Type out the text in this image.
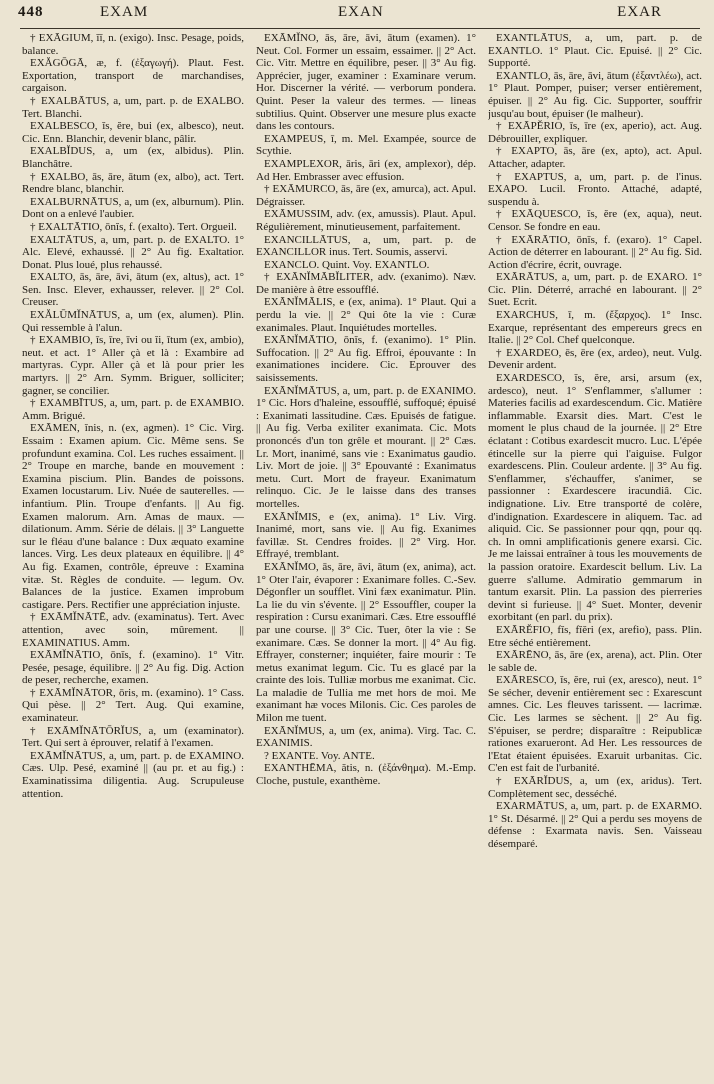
448	EXAM	EXAN	EXAR
† EXĀGIUM, ĭĭ, n. (exigo). Insc. Pesage, poids, balance.
EXĂGŌGĀ, æ, f. (ἐξαγωγή). Plaut. Fest. Exportation, transport de marchandises, cargaison.
† EXALBĀTUS, a, um, part. p. de EXALBO. Tert. Blanchi.
EXALBESCO, ĭs, ĕre, bui (ex, albesco), neut. Cic. Enn. Blanchir, devenir blanc, pâlir.
EXALBĬDUS, a, um (ex, albidus). Plin. Blanchâtre.
† EXALBO, ās, āre, ātum (ex, albo), act. Tert. Rendre blanc, blanchir.
EXALBURNĀTUS, a, um (ex, alburnum). Plin. Dont on a enlevé l'aubier.
† EXALTĀTIO, ōnĭs, f. (exalto). Tert. Orgueil.
EXALTĀTUS, a, um, part. p. de EXALTO. 1° Alc. Elevé, exhaussé. || 2° Au fig. Exaltatior. Donat. Plus loué, plus rehaussé.
EXALTO, ās, āre, āvi, ātum (ex, altus), act. 1° Sen. Insc. Elever, exhausser, relever. || 2° Col. Creuser.
EXĂLŪMĬNĀTUS, a, um (ex, alumen). Plin. Qui ressemble à l'alun.
† EXAMBIO, īs, īre, īvi ou ĭi, ītum (ex, ambio), neut. et act. 1° Aller çà et là : Exambire ad martyras. Cypr. Aller çà et là pour prier les martyrs. || 2° Arn. Symm. Briguer, solliciter; gagner, se concilier.
† EXAMBĪTUS, a, um, part. p. de EXAMBIO. Amm. Brigué.
EXĀMEN, ĭnis, n. (ex, agmen). 1° Cic. Virg. Essaim : Examen apium. Cic. Même sens. Se profundunt examina. Col. Les ruches essaiment. || 2° Troupe en marche, bande en mouvement : Examina piscium. Plin. Bandes de poissons. Examen locustarum. Liv. Nuée de sauterelles. — infantium. Plin. Troupe d'enfants. || Au fig. Examen malorum. Arn. Amas de maux. — dilationum. Amm. Série de délais. || 3° Languette sur le fléau d'une balance : Dux æquato examine lances. Virg. Les deux plateaux en équilibre. || 4° Au fig. Examen, contrôle, épreuve : Examina vitæ. St. Règles de conduite. — legum. Ov. Balances de la justice. Examen improbum castigare. Pers. Rectifier une appréciation injuste.
† EXĀMĬNĀTĒ, adv. (examinatus). Tert. Avec attention, avec soin, mûrement. || EXAMINATIUS. Amm.
EXĀMĬNĀTIO, ōnĭs, f. (examino). 1° Vitr. Pesée, pesage, équilibre. || 2° Au fig. Dig. Action de peser, recherche, examen.
† EXĀMĬNĀTOR, ōris, m. (examino). 1° Cass. Qui pèse. || 2° Tert. Aug. Qui examine, examinateur.
† EXĀMĬNĀTŌRĬUS, a, um (examinator). Tert. Qui sert à éprouver, relatif à l'examen.
EXĀMĬNĀTUS, a, um, part. p. de EXAMINO. Cæs. Ulp. Pesé, examiné || (au pr. et au fig.) : Examinatissima diligentia. Aug. Scrupuleuse attention.
EXĀMĬNO, ās, āre, āvi, ātum (examen). 1° Neut. Col. Former un essaim, essaimer. || 2° Act. Cic. Vitr. Mettre en équilibre, peser. || 3° Au fig. Apprécier, juger, examiner : Examinare verum. Hor. Discerner la vérité. — verborum pondera. Quint. Peser la valeur des termes. — lineas subtilius. Quint. Observer une mesure plus exacte dans les contours.
EXAMPEUS, ī, m. Mel. Exampée, source de Scythie.
EXAMPLEXOR, āris, āri (ex, amplexor), dép. Ad Her. Embrasser avec effusion.
† EXĀMURCO, ās, āre (ex, amurca), act. Apul. Dégraisser.
EXĀMUSSIM, adv. (ex, amussis). Plaut. Apul. Régulièrement, minutieusement, parfaitement.
EXANCILLĀTUS, a, um, part. p. de EXANCILLOR inus. Tert. Soumis, asservi.
EXANCLO. Quint. Voy. EXANTLO.
† EXĀNĬMĀBĬLITER, adv. (exanimo). Næv. De manière à être essoufflé.
EXĀNĬMĀLIS, e (ex, anima). 1° Plaut. Qui a perdu la vie. || 2° Qui ôte la vie : Curæ exanimales. Plaut. Inquiétudes mortelles.
EXĀNĬMĀTIO, ōnĭs, f. (exanimo). 1° Plin. Suffocation. || 2° Au fig. Effroi, épouvante : In exanimationes incidere. Cic. Eprouver des saisissements.
EXĀNĬMĀTUS, a, um, part. p. de EXANIMO. 1° Cic. Hors d'haleine, essoufflé, suffoqué; épuisé : Exanimati lassitudine. Cæs. Epuisés de fatigue. || Au fig. Verba exiliter exanimata. Cic. Mots prononcés d'un ton grêle et mourant. || 2° Cæs. Lr. Mort, inanimé, sans vie : Exanimatus gaudio. Liv. Mort de joie. || 3° Epouvanté : Exanimatus metu. Curt. Mort de frayeur. Exanimatum relinquo. Cic. Je le laisse dans des transes mortelles.
EXĀNĬMIS, e (ex, anima). 1° Liv. Virg. Inanimé, mort, sans vie. || Au fig. Exanimes favillæ. St. Cendres froides. || 2° Virg. Hor. Effrayé, tremblant.
EXĀNĬMO, ās, āre, āvi, ātum (ex, anima), act. 1° Oter l'air, évaporer : Exanimare folles. C.-Sev. Dégonfler un soufflet. Vini fæx exanimatur. Plin. La lie du vin s'évente. || 2° Essouffler, couper la respiration : Cursu exanimari. Cæs. Etre essoufflé par une course. || 3° Cic. Tuer, ôter la vie : Se exanimare. Cæs. Se donner la mort. || 4° Au fig. Effrayer, consterner; inquiéter, faire mourir : Te metus exanimat legum. Cic. Tu es glacé par la crainte des lois. Tulliæ morbus me exanimat. Cic. La maladie de Tullia me met hors de moi. Me exanimant hæ voces Milonis. Cic. Ces paroles de Milon me tuent.
EXĀNĬMUS, a, um (ex, anima). Virg. Tac. C. EXANIMIS.
? EXANTE. Voy. ANTE.
EXANTHĒMA, ătis, n. (ἐξάνθημα). M.-Emp. Cloche, pustule, exanthème.
EXANTLĀTUS, a, um, part. p. de EXANTLO. 1° Plaut. Cic. Epuisé. || 2° Cic. Supporté.
EXANTLO, ās, āre, āvi, ātum (ἐξαντλέω), act. 1° Plaut. Pomper, puiser; verser entièrement, épuiser. || 2° Au fig. Cic. Supporter, souffrir jusqu'au bout, épuiser (le malheur).
† EXĀPĔRIO, īs, īre (ex, aperio), act. Aug. Débrouiller, expliquer.
† EXAPTO, ās, āre (ex, apto), act. Apul. Attacher, adapter.
† EXAPTUS, a, um, part. p. de l'inus. EXAPO. Lucil. Fronto. Attaché, adapté, suspendu à.
† EXĀQUESCO, ĭs, ĕre (ex, aqua), neut. Censor. Se fondre en eau.
† EXĀRĀTIO, ōnĭs, f. (exaro). 1° Capel. Action de déterrer en labourant. || 2° Au fig. Sid. Action d'écrire, écrit, ouvrage.
EXĀRĀTUS, a, um, part. p. de EXARO. 1° Cic. Plin. Déterré, arraché en labourant. || 2° Suet. Ecrit.
EXARCHUS, ī, m. (ἔξαρχος). 1° Insc. Exarque, représentant des empereurs grecs en Italie. || 2° Col. Chef quelconque.
† EXARDEO, ēs, ēre (ex, ardeo), neut. Vulg. Devenir ardent.
EXARDESCO, ĭs, ĕre, arsi, arsum (ex, ardesco), neut. 1° S'enflammer, s'allumer : Materies facilis ad exardescendum. Cic. Matière inflammable. Exarsit dies. Mart. C'est le moment le plus chaud de la journée. || 2° Etre éclatant : Cotibus exardescit mucro. Luc. L'épée étincelle sur la pierre qui l'aiguise. Fulgor exardescens. Plin. Couleur ardente. || 3° Au fig. S'enflammer, s'échauffer, s'animer, se passionner : Exardescere iracundiâ. Cic. indignatione. Liv. Etre transporté de colère, d'indignation. Exardescere in aliquem. Tac. ad aliquid. Cic. Se passionner pour qqn, pour qq. ch. In omni amplificationis genere exarsi. Cic. Je me laissai entraîner à tous les mouvements de la passion oratoire. Exardescit bellum. Liv. La guerre s'allume. Admiratio gemmarum in tantum exarsit. Plin. La passion des pierreries devint si furieuse. || 4° Suet. Monter, devenir exorbitant (en parl. du prix).
EXĀRĔFIO, fĭs, fĭĕri (ex, arefio), pass. Plin. Etre séché entièrement.
EXĀRĒNO, ās, āre (ex, arena), act. Plin. Oter le sable de.
EXĀRESCO, ĭs, ĕre, rui (ex, aresco), neut. 1° Se sécher, devenir entièrement sec : Exarescunt amnes. Cic. Les fleuves tarissent. — lacrimæ. Cic. Les larmes se sèchent. || 2° Au fig. S'épuiser, se perdre; disparaître : Reipublicæ rationes exarueront. Ad Her. Les ressources de l'Etat étaient épuisées. Exaruit urbanitas. Cic. C'en est fait de l'urbanité.
† EXĀRĬDUS, a, um (ex, aridus). Tert. Complètement sec, desséché.
EXARMĀTUS, a, um, part. p. de EXARMO. 1° St. Désarmé. || 2° Qui a perdu ses moyens de défense : Exarmata navis. Sen. Vaisseau désemparé.
